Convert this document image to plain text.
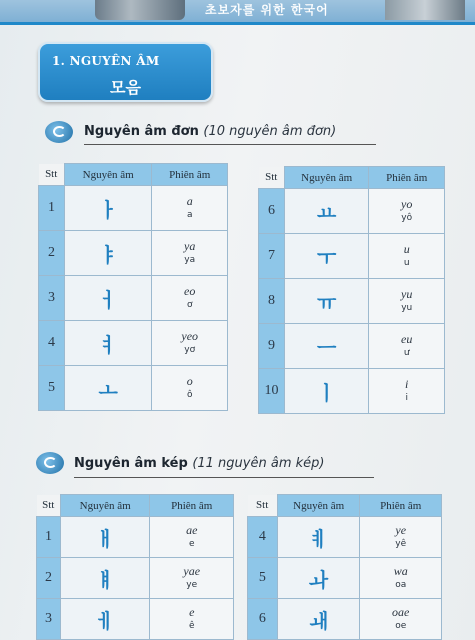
초보자를 위한 한국어
1. NGUYÊN ÂM
모음
Nguyên âm đơn (10 nguyên âm đơn)
Stt	Nguyên âm	Phiên âm
1	ㅏ	a
a

2	ㅑ	ya
ya

3	ㅓ	eo
ơ

4	ㅕ	yeo
yơ

5	ㅗ	o
ô
Stt	Nguyên âm	Phiên âm
6	ㅛ	yo
yô

7	ㅜ	u
u

8	ㅠ	yu
yu

9	ㅡ	eu
ư

10	ㅣ	i
i
Nguyên âm kép (11 nguyên âm kép)
Stt	Nguyên âm	Phiên âm
1	ㅐ	ae
e

2	ㅒ	yae
ye

3	ㅔ	e
ê
Stt	Nguyên âm	Phiên âm
4	ㅖ	ye
yê

5	ㅘ	wa
oa

6	ㅙ	oae
oe
